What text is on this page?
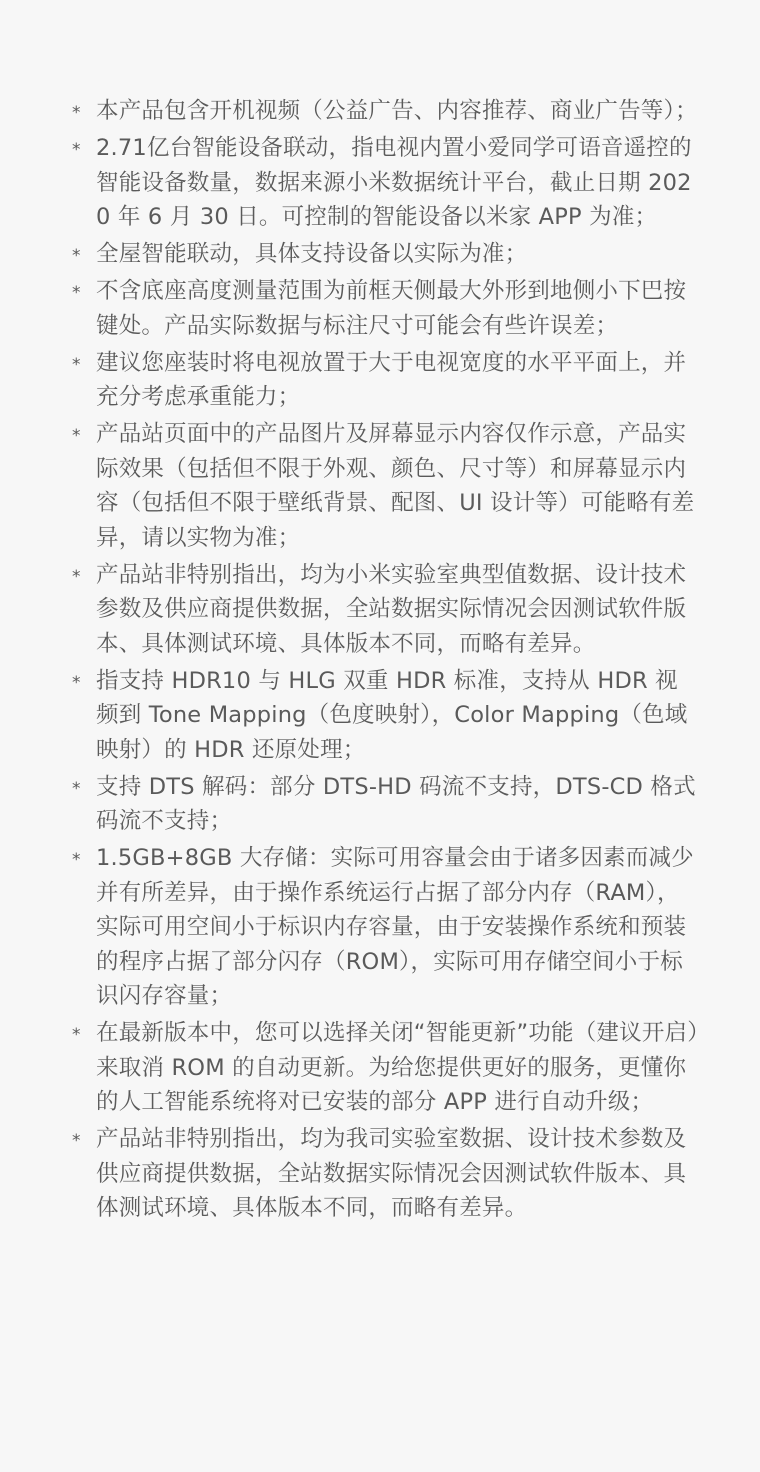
* 本产品包含开机视频（公益广告、内容推荐、商业广告等）；
* 2.71亿台智能设备联动，指电视内置小爱同学可语音遥控的智能设备数量，数据来源小米数据统计平台，截止日期 2020 年 6 月 30 日。可控制的智能设备以米家 APP 为准；
* 全屋智能联动，具体支持设备以实际为准；
* 不含底座高度测量范围为前框天侧最大外形到地侧小下巴按键处。产品实际数据与标注尺寸可能会有些许误差；
* 建议您座装时将电视放置于大于电视宽度的水平平面上，并充分考虑承重能力；
* 产品站页面中的产品图片及屏幕显示内容仅作示意，产品实际效果（包括但不限于外观、颜色、尺寸等）和屏幕显示内容（包括但不限于壁纸背景、配图、UI 设计等）可能略有差异，请以实物为准；
* 产品站非特别指出，均为小米实验室典型值数据、设计技术参数及供应商提供数据，全站数据实际情况会因测试软件版本、具体测试环境、具体版本不同，而略有差异。
* 指支持 HDR10 与 HLG 双重 HDR 标准，支持从 HDR 视频到 Tone Mapping（色度映射），Color Mapping（色域映射）的 HDR 还原处理；
* 支持 DTS 解码：部分 DTS-HD 码流不支持，DTS-CD 格式码流不支持；
* 1.5GB+8GB 大存储：实际可用容量会由于诸多因素而减少并有所差异，由于操作系统运行占据了部分内存（RAM），实际可用空间小于标识内存容量，由于安装操作系统和预装的程序占据了部分闪存（ROM），实际可用存储空间小于标识闪存容量；
* 在最新版本中，您可以选择关闭“智能更新”功能（建议开启）来取消 ROM 的自动更新。为给您提供更好的服务，更懂你的人工智能系统将对已安装的部分 APP 进行自动升级；
* 产品站非特别指出，均为我司实验室数据、设计技术参数及供应商提供数据，全站数据实际情况会因测试软件版本、具体测试环境、具体版本不同，而略有差异。
